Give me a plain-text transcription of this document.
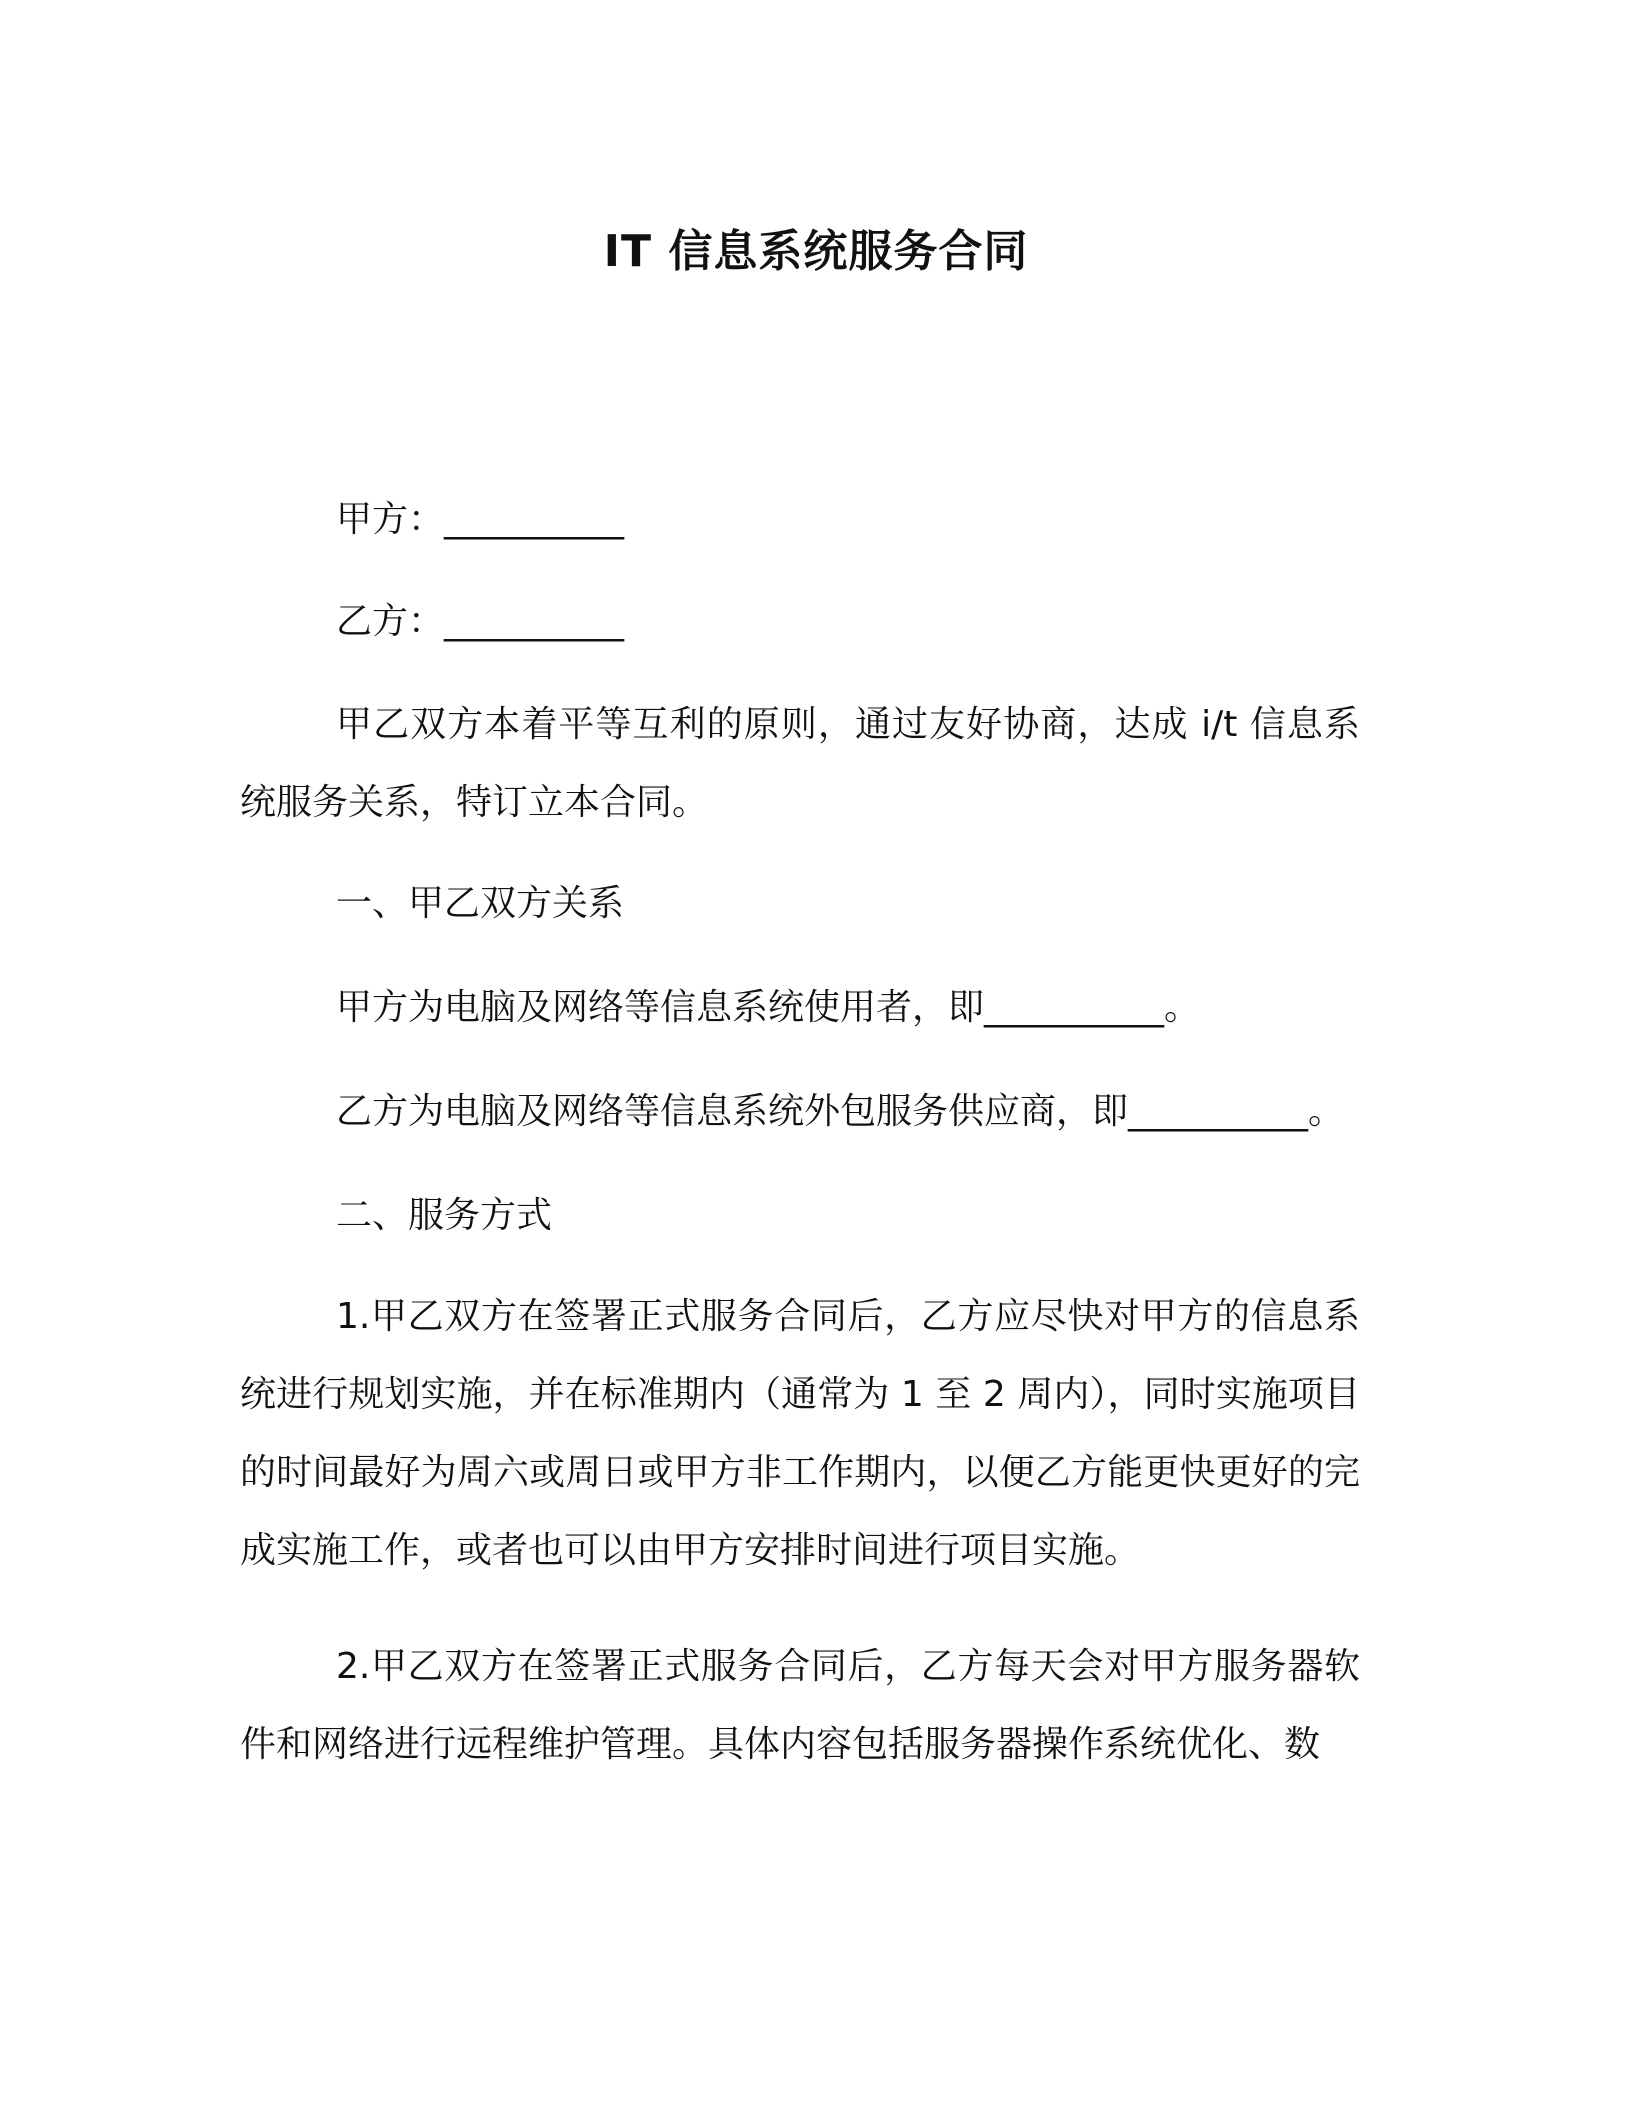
IT 信息系统服务合同
甲方：__________
乙方：__________
甲乙双方本着平等互利的原则，通过友好协商，达成 i/t 信息系统服务关系，特订立本合同。
一、甲乙双方关系
甲方为电脑及网络等信息系统使用者，即__________。
乙方为电脑及网络等信息系统外包服务供应商，即__________。
二、服务方式
1.甲乙双方在签署正式服务合同后，乙方应尽快对甲方的信息系统进行规划实施，并在标准期内（通常为 1 至 2 周内），同时实施项目的时间最好为周六或周日或甲方非工作期内，以便乙方能更快更好的完成实施工作，或者也可以由甲方安排时间进行项目实施。
2.甲乙双方在签署正式服务合同后，乙方每天会对甲方服务器软件和网络进行远程维护管理。具体内容包括服务器操作系统优化、数
